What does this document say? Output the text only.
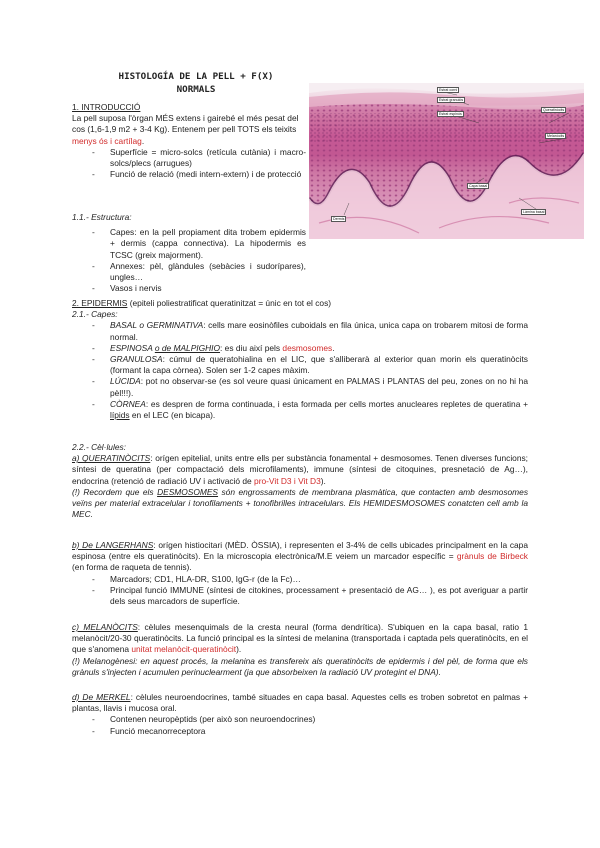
HISTOLOGÍA DE LA PELL + F(X)
NORMALS	Estrat corni
Estrat granulós
Estrat espinós
Queratinòcits
Melanòcits
Capa basal
Dermis
Làmina basal

1. INTRODUCCIÓ

La pell suposa l'òrgan MÉS extens i gairebé el més pesat del cos (1,6-1,9 m2 + 3-4 Kg). Entenem per pell TOTS els teixits menys ós i cartílag.

- Superfície = micro-solcs (retícula cutània) i macro-solcs/plecs (arrugues)
- Funció de relació (medi intern-extern) i de protecció

1.1.- Estructura:

- Capes: en la pell propiament dita trobem epidermis + dermis (cappa connectiva). La hipodermis es TCSC (greix majorment).
- Annexes: pèl, glàndules (sebàcies i sudorípares), ungles…
- Vasos i nervis

2. EPIDERMIS (epiteli poliestratificat queratinitzat = únic en tot el cos)

2.1.- Capes:

- BASAL o GERMINATIVA: cells mare eosinòfiles cuboidals en fila única, unica capa on trobarem mitosi de forma normal.
- ESPINOSA o de MALPIGHIO: es diu així pels desmosomes.
- GRANULOSA: cúmul de queratohialina en el LIC, que s'alliberarà al exterior quan morin els queratinòcits (formant la capa còrnea). Solen ser 1-2 capes màxim.
- LÚCIDA: pot no observar-se (es sol veure quasi únicament en PALMAS i PLANTAS del peu, zones on no hi ha pèl!!!).
- CÒRNEA: es despren de forma continuada, i esta formada per cells mortes anucleares repletes de queratina + lípids en el LEC (en bicapa).

2.2.- Cèl·lules:

a) QUERATINÒCITS: orígen epitelial, units entre ells per substància fonamental + desmosomes. Tenen diverses funcions; síntesi de queratina (per compactació dels microfilaments), immune (síntesi de citoquines, presnetació de Ag…), endocrina (retenció de radiació UV i activació de pro-Vit D3 i Vit D3).

(!) Recordem que els DESMOSOMES són engrossaments de membrana plasmàtica, que contacten amb desmosomes veïns per material extracelular i tonofilaments + tonofibrilles intracelulars. Els HEMIDESMOSOMES conatcten cell amb la MEC.

b) De LANGERHANS: orígen histiocitari (MÈD. ÒSSIA), i representen el 3-4% de cells ubicades principalment en la capa espinosa (entre els queratinòcits). En la microscopia electrònica/M.E veiem un marcador específic = grànuls de Birbeck (en forma de raqueta de tennis).

- Marcadors; CD1, HLA-DR, S100, IgG-r (de la Fc)…
- Principal funció IMMUNE (síntesi de citokines, processament + presentació de AG… ), es pot averiguar a partir dels seus marcadors de superfície.

c) MELANÒCITS: cèlules mesenquimals de la cresta neural (forma dendrítica). S'ubiquen en la capa basal, ratio 1 melanòcit/20-30 queratinòcits. La funció principal es la síntesi de melanina (transportada i captada pels queratinòcits, en el que s'anomena unitat melanòcit-queratinòcit).

(!) Melanogènesi: en aquest procés, la melanina es transfereix als queratinòcits de epidermis i del pèl, de forma que els grànuls s'injecten i acumulen perinuclearment (ja que absorbeixen la radiació UV protegint el DNA).

d) De MERKEL: cèlules neuroendocrines, també situades en capa basal. Aquestes cells es troben sobretot en palmas + plantas, llavis i mucosa oral.

- Contenen neuropèptids (per això son neuroendocrines)
- Funció mecanorreceptora
